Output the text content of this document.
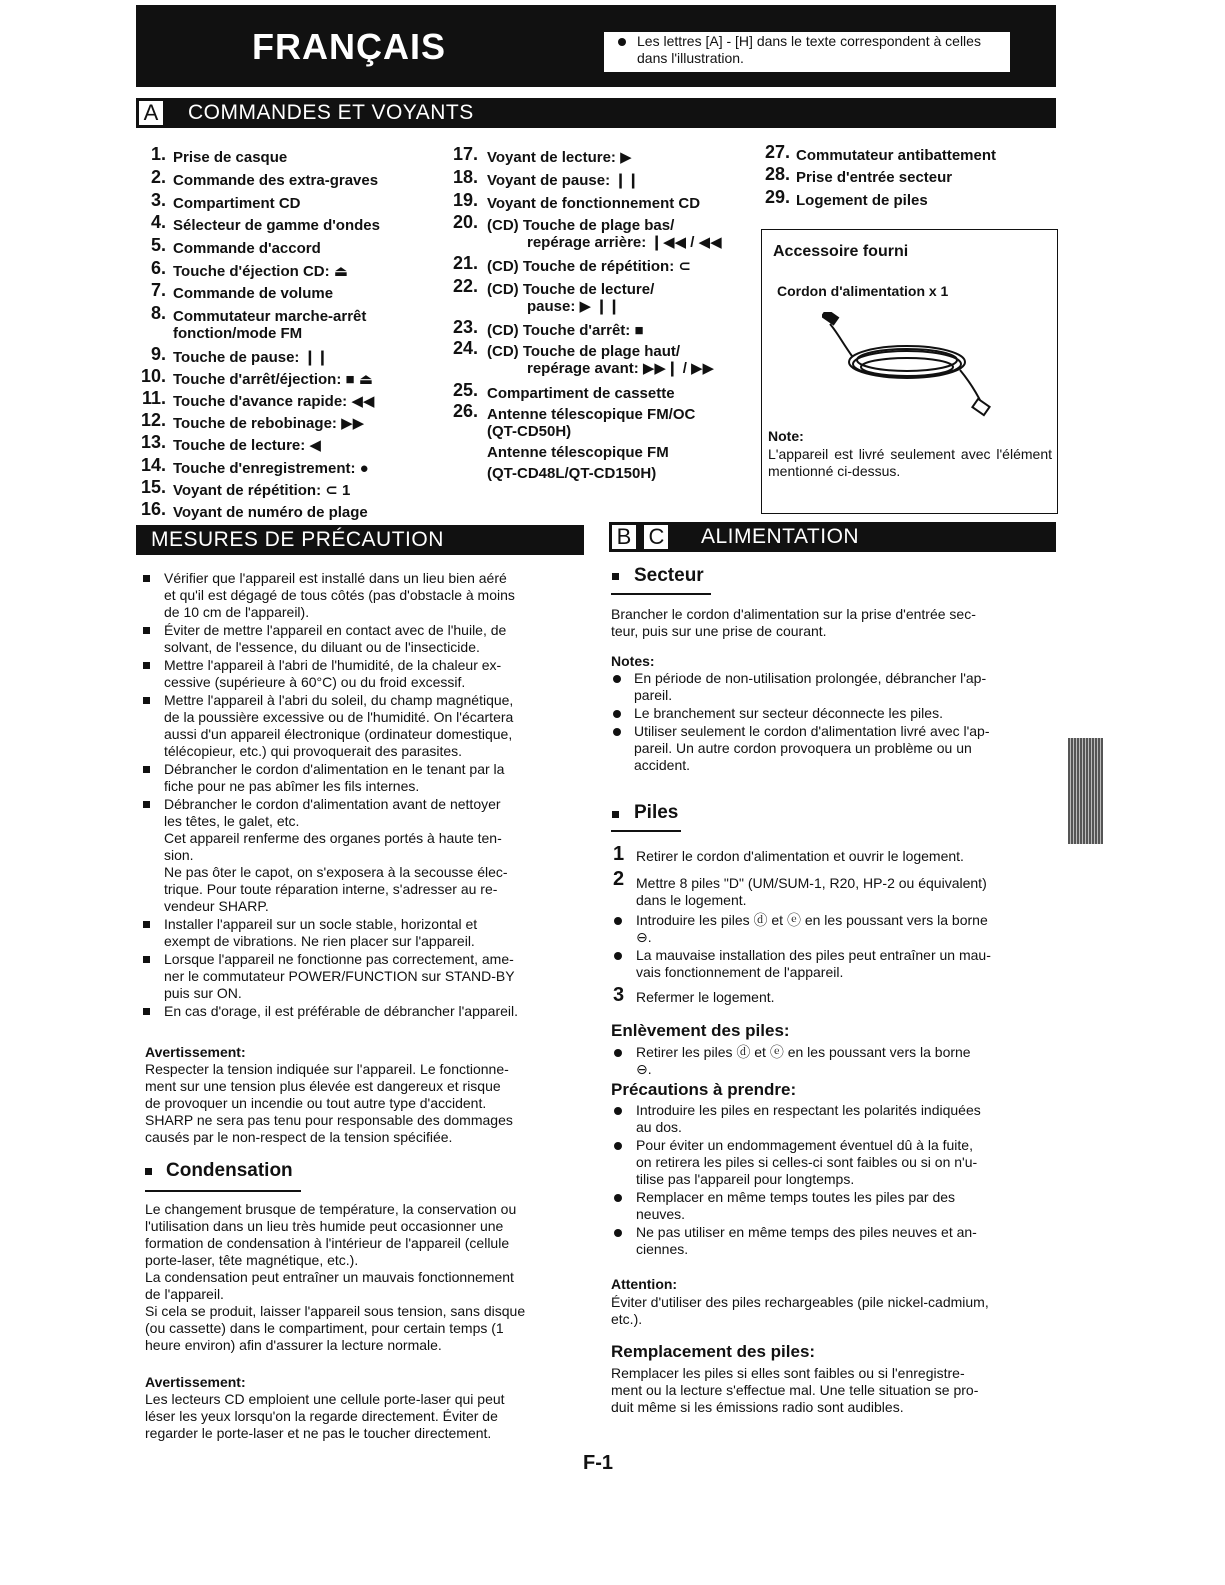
FRANÇAIS	Les lettres [A] - [H] dans le texte correspondent à celles dans l'illustration.
A COMMANDES ET VOYANTS
1. Prise de casque
2. Commande des extra-graves
3. Compartiment CD
4. Sélecteur de gamme d'ondes
5. Commande d'accord
6. Touche d'éjection CD: ⏏
7. Commande de volume
8. Commutateur marche-arrêt
fonction/mode FM
9. Touche de pause: ❙❙
10. Touche d'arrêt/éjection: ■ ⏏
11. Touche d'avance rapide: ◀◀
12. Touche de rebobinage: ▶▶
13. Touche de lecture: ◀
14. Touche d'enregistrement: ●
15. Voyant de répétition: ⊂ 1
16. Voyant de numéro de plage
17. Voyant de lecture: ▶
18. Voyant de pause: ❙❙
19. Voyant de fonctionnement CD
20. (CD) Touche de plage bas/
repérage arrière: ❙◀◀ / ◀◀
21. (CD) Touche de répétition: ⊂
22. (CD) Touche de lecture/
pause: ▶ ❙❙
23. (CD) Touche d'arrêt: ■
24. (CD) Touche de plage haut/
repérage avant: ▶▶❙ / ▶▶
25. Compartiment de cassette
26. Antenne télescopique FM/OC
(QT-CD50H)
Antenne télescopique FM
(QT-CD48L/QT-CD150H)
27. Commutateur antibattement
28. Prise d'entrée secteur
29. Logement de piles
Accessoire fourni
Cordon d'alimentation x 1
Note:
L'appareil est livré seulement avec l'élément mentionné ci-dessus.
MESURES DE PRÉCAUTION
Vérifier que l'appareil est installé dans un lieu bien aéré
et qu'il est dégagé de tous côtés (pas d'obstacle à moins
de 10 cm de l'appareil).
Éviter de mettre l'appareil en contact avec de l'huile, de
solvant, de l'essence, du diluant ou de l'insecticide.
Mettre l'appareil à l'abri de l'humidité, de la chaleur ex-
cessive (supérieure à 60°C) ou du froid excessif.
Mettre l'appareil à l'abri du soleil, du champ magnétique,
de la poussière excessive ou de l'humidité. On l'écartera
aussi d'un appareil électronique (ordinateur domestique,
télécopieur, etc.) qui provoquerait des parasites.
Débrancher le cordon d'alimentation en le tenant par la
fiche pour ne pas abîmer les fils internes.
Débrancher le cordon d'alimentation avant de nettoyer
les têtes, le galet, etc.
Cet appareil renferme des organes portés à haute ten-
sion.
Ne pas ôter le capot, on s'exposera à la secousse élec-
trique. Pour toute réparation interne, s'adresser au re-
vendeur SHARP.
Installer l'appareil sur un socle stable, horizontal et
exempt de vibrations. Ne rien placer sur l'appareil.
Lorsque l'appareil ne fonctionne pas correctement, ame-
ner le commutateur POWER/FUNCTION sur STAND-BY
puis sur ON.
En cas d'orage, il est préférable de débrancher l'appareil.
Avertissement:
Respecter la tension indiquée sur l'appareil. Le fonctionne-
ment sur une tension plus élevée est dangereux et risque
de provoquer un incendie ou tout autre type d'accident.
SHARP ne sera pas tenu pour responsable des dommages
causés par le non-respect de la tension spécifiée.
Condensation
Le changement brusque de température, la conservation ou
l'utilisation dans un lieu très humide peut occasionner une
formation de condensation à l'intérieur de l'appareil (cellule
porte-laser, tête magnétique, etc.).
La condensation peut entraîner un mauvais fonctionnement
de l'appareil.
Si cela se produit, laisser l'appareil sous tension, sans disque
(ou cassette) dans le compartiment, pour certain temps (1
heure environ) afin d'assurer la lecture normale.
Avertissement:
Les lecteurs CD emploient une cellule porte-laser qui peut
léser les yeux lorsqu'on la regarde directement. Éviter de
regarder le porte-laser et ne pas le toucher directement.
B C ALIMENTATION
Secteur
Brancher le cordon d'alimentation sur la prise d'entrée sec-
teur, puis sur une prise de courant.
Notes:
En période de non-utilisation prolongée, débrancher l'ap-
pareil.
Le branchement sur secteur déconnecte les piles.
Utiliser seulement le cordon d'alimentation livré avec l'ap-
pareil. Un autre cordon provoquera un problème ou un
accident.
Piles
1 Retirer le cordon d'alimentation et ouvrir le logement.
2 Mettre 8 piles "D" (UM/SUM-1, R20, HP-2 ou équivalent)
dans le logement.
Introduire les piles ⓓ et ⓔ en les poussant vers la borne
⊖.
La mauvaise installation des piles peut entraîner un mau-
vais fonctionnement de l'appareil.
3 Refermer le logement.
Enlèvement des piles:
Retirer les piles ⓓ et ⓔ en les poussant vers la borne
⊖.
Précautions à prendre:
Introduire les piles en respectant les polarités indiquées
au dos.
Pour éviter un endommagement éventuel dû à la fuite,
on retirera les piles si celles-ci sont faibles ou si on n'u-
tilise pas l'appareil pour longtemps.
Remplacer en même temps toutes les piles par des
neuves.
Ne pas utiliser en même temps des piles neuves et an-
ciennes.
Attention:
Éviter d'utiliser des piles rechargeables (pile nickel-cadmium,
etc.).
Remplacement des piles:
Remplacer les piles si elles sont faibles ou si l'enregistre-
ment ou la lecture s'effectue mal. Une telle situation se pro-
duit même si les émissions radio sont audibles.
F-1
